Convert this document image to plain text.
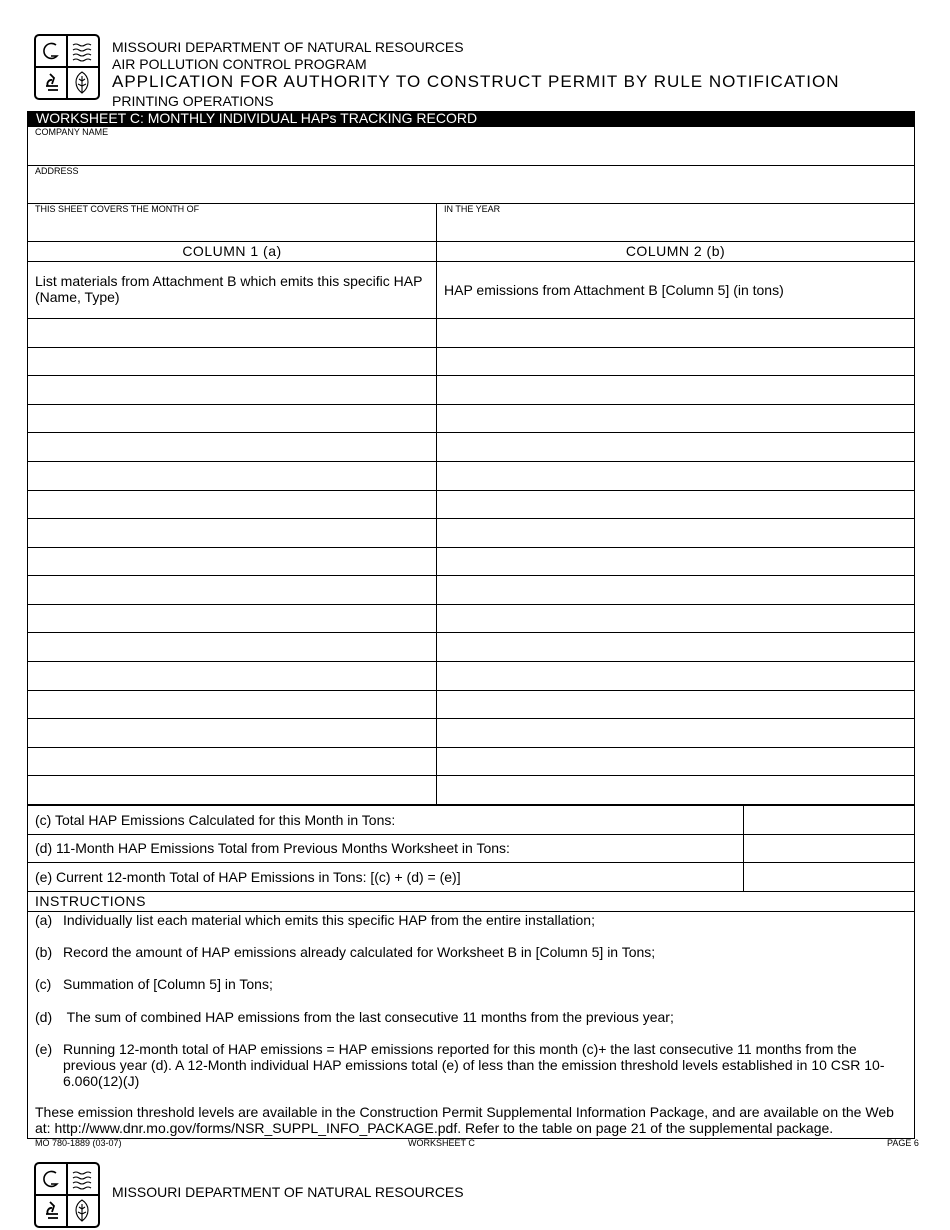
MISSOURI DEPARTMENT OF NATURAL RESOURCES
AIR POLLUTION CONTROL PROGRAM
APPLICATION FOR AUTHORITY TO CONSTRUCT PERMIT BY RULE NOTIFICATION
PRINTING OPERATIONS
WORKSHEET C: MONTHLY INDIVIDUAL HAPs TRACKING RECORD
COMPANY NAME
ADDRESS
THIS SHEET COVERS THE MONTH OF	IN THE YEAR
COLUMN 1 (a)	COLUMN 2 (b)
List materials from Attachment B which emits this specific HAP (Name, Type)	HAP emissions from Attachment B [Column 5] (in tons)
(c) Total HAP Emissions Calculated for this Month in Tons:
(d) 11-Month HAP Emissions Total from Previous Months Worksheet in Tons:
(e) Current 12-month Total of HAP Emissions in Tons: [(c) + (d) = (e)]
INSTRUCTIONS
(a) Individually list each material which emits this specific HAP from the entire installation;
(b) Record the amount of HAP emissions already calculated for Worksheet B in [Column 5] in Tons;
(c) Summation of [Column 5] in Tons;
(d) The sum of combined HAP emissions from the last consecutive 11 months from the previous year;
(e) Running 12-month total of HAP emissions = HAP emissions reported for this month (c)+ the last consecutive 11 months from the previous year (d). A 12-Month individual HAP emissions total (e) of less than the emission threshold levels established in 10 CSR 10-6.060(12)(J)
These emission threshold levels are available in the Construction Permit Supplemental Information Package, and are available on the Web at: http://www.dnr.mo.gov/forms/NSR_SUPPL_INFO_PACKAGE.pdf. Refer to the table on page 21 of the supplemental package.
MO 780-1889 (03-07)	WORKSHEET C	PAGE 6
MISSOURI DEPARTMENT OF NATURAL RESOURCES
